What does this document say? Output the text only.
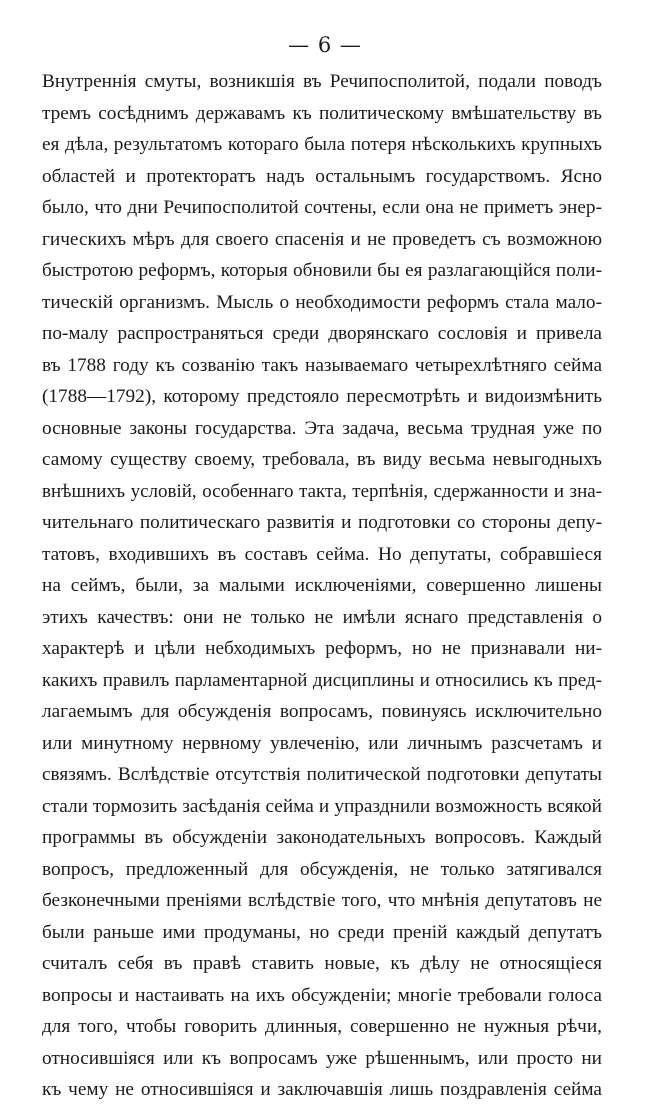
— 6 —
Внутреннія смуты, возникшія въ Речипосполитой, подали поводъ
тремъ сосѣднимъ державамъ къ политическому вмѣшательству въ
ея дѣла, результатомъ котораго была потеря нѣсколькихъ крупныхъ
областей и протекторатъ надъ остальнымъ государствомъ. Ясно
было, что дни Речипосполитой сочтены, если она не приметъ энер-
гическихъ мѣръ для своего спасенія и не проведетъ съ возможною
быстротою реформъ, которыя обновили бы ея разлагающійся поли-
тическій организмъ. Мысль о необходимости реформъ стала мало-
по-малу распространяться среди дворянскаго сословія и привела
въ 1788 году къ созванію такъ называемаго четырехлѣтняго сейма
(1788—1792), которому предстояло пересмотрѣть и видоизмѣнить
основные законы государства. Эта задача, весьма трудная уже по
самому существу своему, требовала, въ виду весьма невыгодныхъ
внѣшнихъ условій, особеннаго такта, терпѣнія, сдержанности и зна-
чительнаго политическаго развитія и подготовки со стороны депу-
татовъ, входившихъ въ составъ сейма. Но депутаты, собравшіеся
на сеймъ, были, за малыми исключеніями, совершенно лишены
этихъ качествъ: они не только не имѣли яснаго представленія о
характерѣ и цѣли небходимыхъ реформъ, но не признавали ни-
какихъ правилъ парламентарной дисциплины и относились къ пред-
лагаемымъ для обсужденія вопросамъ, повинуясь исключительно
или минутному нервному увлеченію, или личнымъ разсчетамъ и
связямъ. Вслѣдствіе отсутствія политической подготовки депутаты
стали тормозить засѣданія сейма и упразднили возможность всякой
программы въ обсужденіи законодательныхъ вопросовъ. Каждый
вопросъ, предложенный для обсужденія, не только затягивался
безконечными преніями вслѣдствіе того, что мнѣнія депутатовъ не
были раньше ими продуманы, но среди преній каждый депутатъ
считалъ себя въ правѣ ставить новые, къ дѣлу не относящіеся
вопросы и настаивать на ихъ обсужденіи; многіе требовали голоса
для того, чтобы говорить длинныя, совершенно не нужныя рѣчи,
относившіяся или къ вопросамъ уже рѣшеннымъ, или просто ни
къ чему не относившіяся и заключавшія лишь поздравленія сейма
